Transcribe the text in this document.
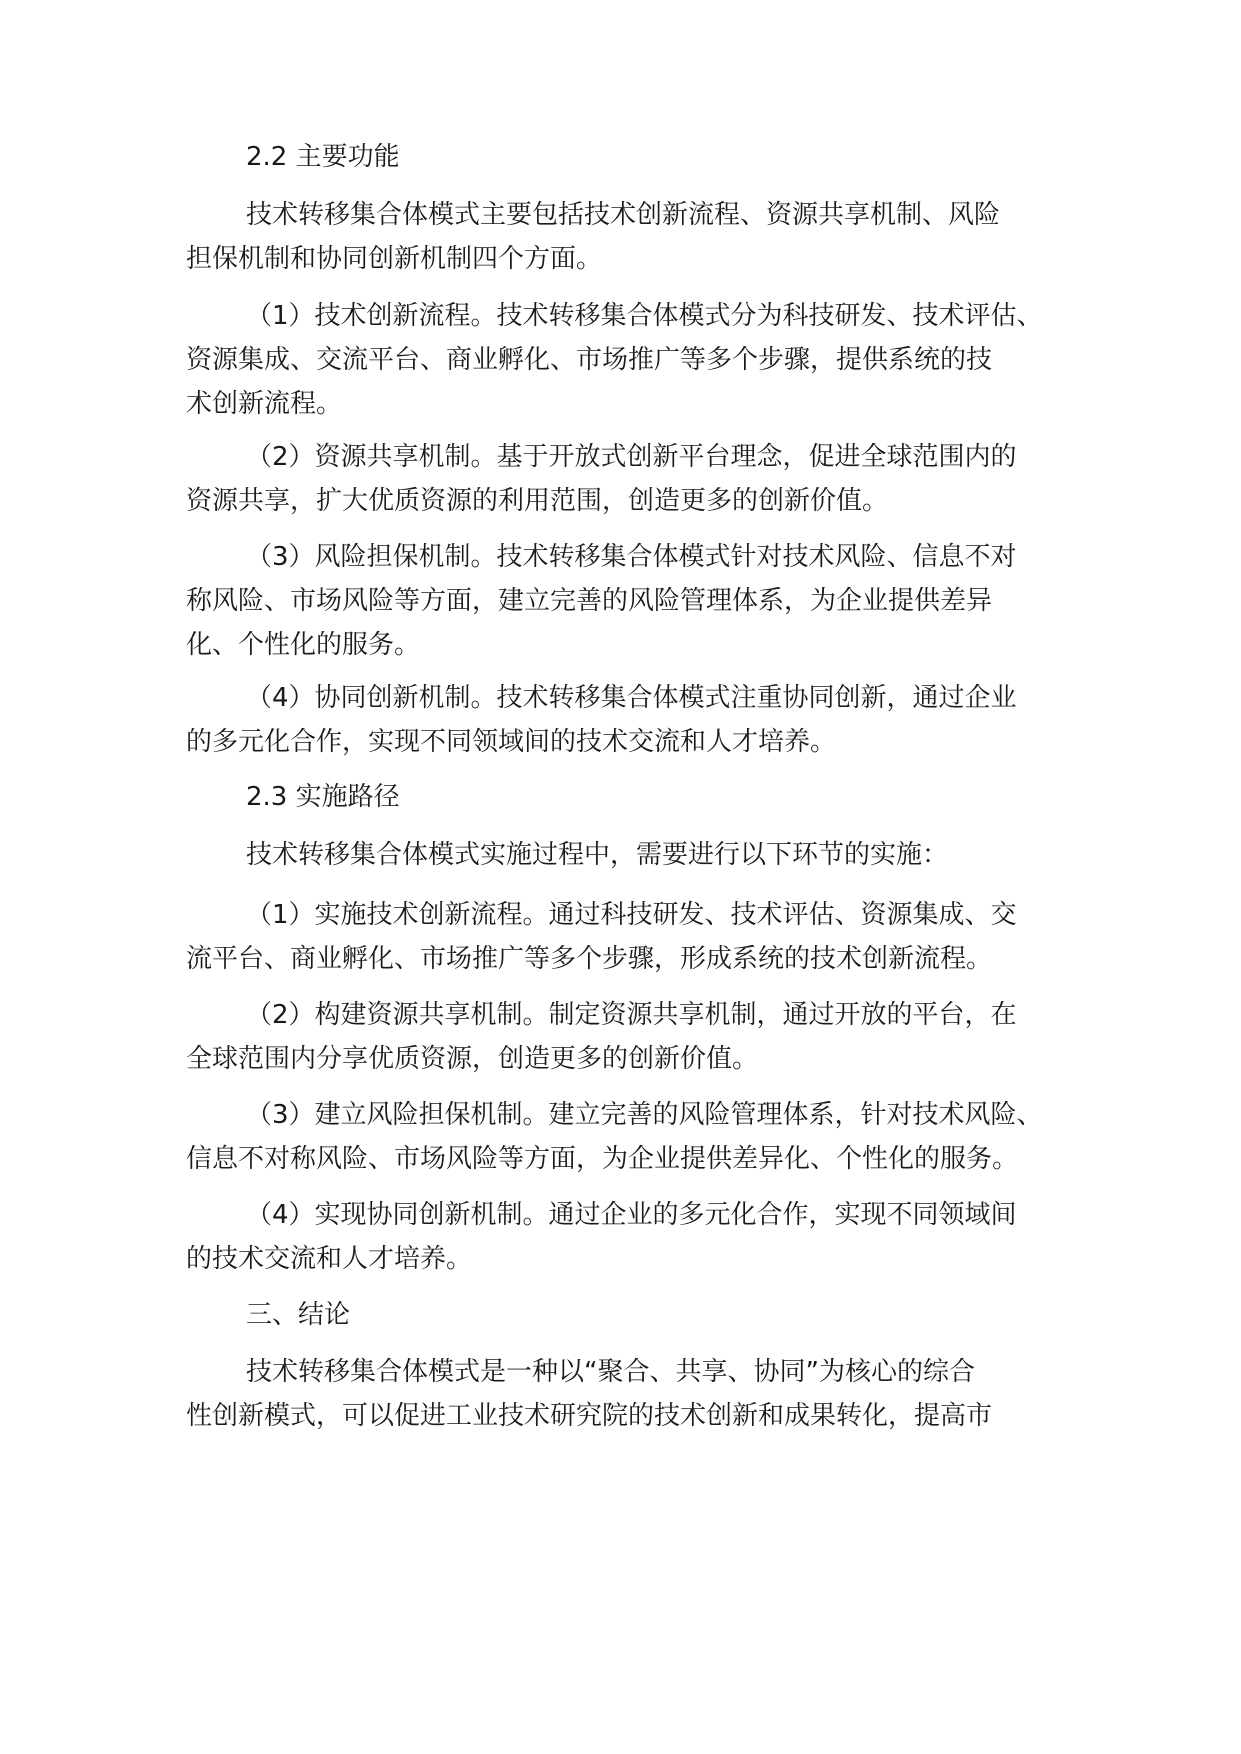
2.2 主要功能
技术转移集合体模式主要包括技术创新流程、资源共享机制、风险
担保机制和协同创新机制四个方面。
（1）技术创新流程。技术转移集合体模式分为科技研发、技术评估、
资源集成、交流平台、商业孵化、市场推广等多个步骤，提供系统的技
术创新流程。
（2）资源共享机制。基于开放式创新平台理念，促进全球范围内的
资源共享，扩大优质资源的利用范围，创造更多的创新价值。
（3）风险担保机制。技术转移集合体模式针对技术风险、信息不对
称风险、市场风险等方面，建立完善的风险管理体系，为企业提供差异
化、个性化的服务。
（4）协同创新机制。技术转移集合体模式注重协同创新，通过企业
的多元化合作，实现不同领域间的技术交流和人才培养。
2.3 实施路径
技术转移集合体模式实施过程中，需要进行以下环节的实施：
（1）实施技术创新流程。通过科技研发、技术评估、资源集成、交
流平台、商业孵化、市场推广等多个步骤，形成系统的技术创新流程。
（2）构建资源共享机制。制定资源共享机制，通过开放的平台，在
全球范围内分享优质资源，创造更多的创新价值。
（3）建立风险担保机制。建立完善的风险管理体系，针对技术风险、
信息不对称风险、市场风险等方面，为企业提供差异化、个性化的服务。
（4）实现协同创新机制。通过企业的多元化合作，实现不同领域间
的技术交流和人才培养。
三、结论
技术转移集合体模式是一种以“聚合、共享、协同”为核心的综合
性创新模式，可以促进工业技术研究院的技术创新和成果转化，提高市
